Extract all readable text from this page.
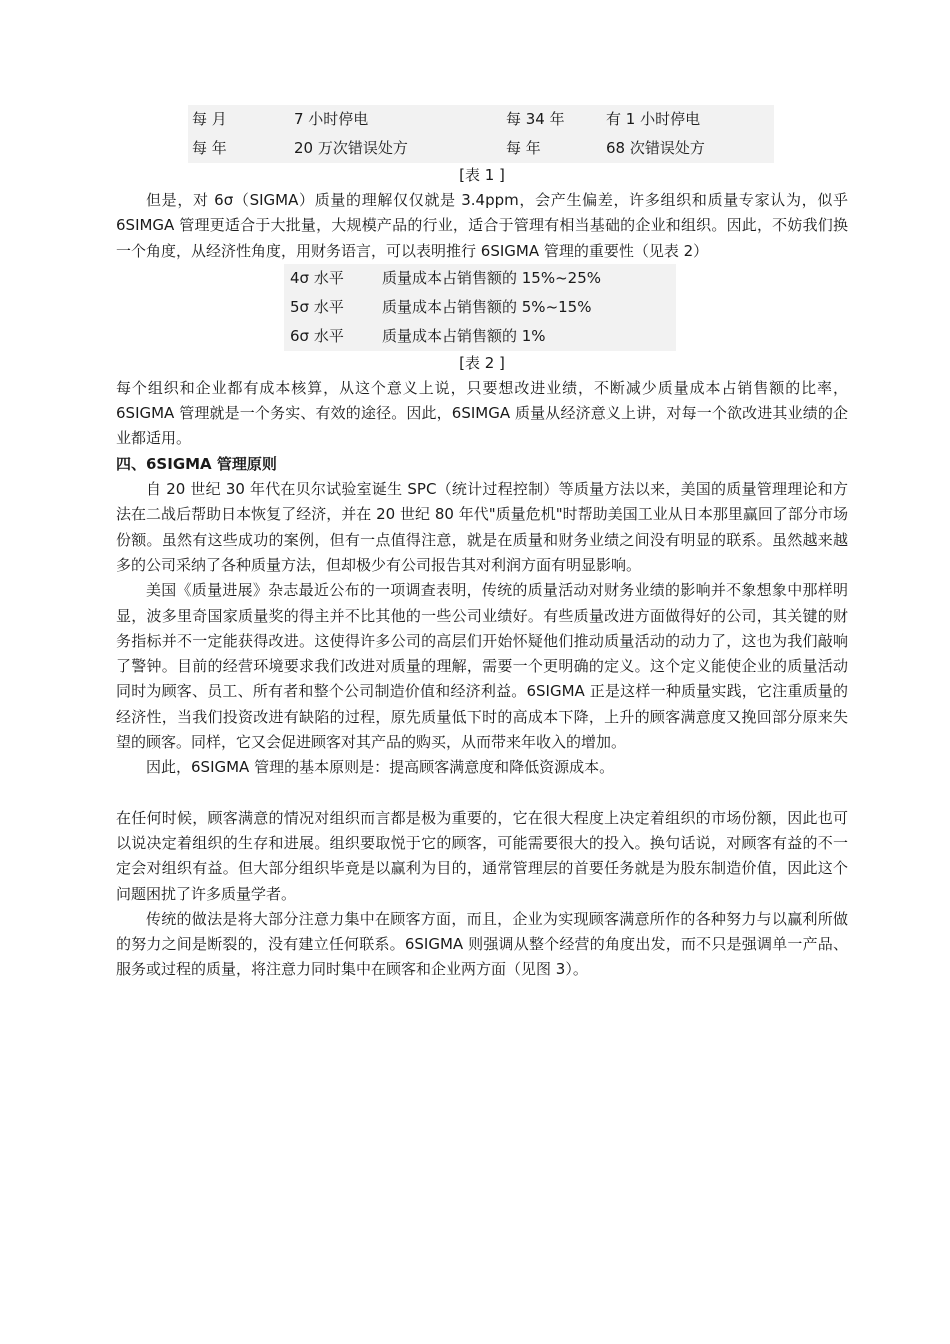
每 月	7 小时停电	每 34 年	有 1 小时停电
每 年	20 万次错误处方	每 年	68 次错误处方
[表 1 ]

但是，对 6σ（SIGMA）质量的理解仅仅就是 3.4ppm，会产生偏差，许多组织和质量专家认为，似乎 6SIMGA 管理更适合于大批量，大规模产品的行业，适合于管理有相当基础的企业和组织。因此，不妨我们换一个角度，从经济性角度，用财务语言，可以表明推行 6SIGMA 管理的重要性（见表 2）

4σ 水平	质量成本占销售额的 15%~25%
5σ 水平	质量成本占销售额的 5%~15%
6σ 水平	质量成本占销售额的 1%
[表 2 ]

每个组织和企业都有成本核算，从这个意义上说，只要想改进业绩，不断减少质量成本占销售额的比率，6SIGMA 管理就是一个务实、有效的途径。因此，6SIMGA 质量从经济意义上讲，对每一个欲改进其业绩的企业都适用。

四、6SIGMA 管理原则

自 20 世纪 30 年代在贝尔试验室诞生 SPC（统计过程控制）等质量方法以来，美国的质量管理理论和方法在二战后帮助日本恢复了经济，并在 20 世纪 80 年代"质量危机"时帮助美国工业从日本那里赢回了部分市场份额。虽然有这些成功的案例，但有一点值得注意，就是在质量和财务业绩之间没有明显的联系。虽然越来越多的公司采纳了各种质量方法，但却极少有公司报告其对利润方面有明显影响。

美国《质量进展》杂志最近公布的一项调查表明，传统的质量活动对财务业绩的影响并不象想象中那样明显，波多里奇国家质量奖的得主并不比其他的一些公司业绩好。有些质量改进方面做得好的公司，其关键的财务指标并不一定能获得改进。这使得许多公司的高层们开始怀疑他们推动质量活动的动力了，这也为我们敲响了警钟。目前的经营环境要求我们改进对质量的理解，需要一个更明确的定义。这个定义能使企业的质量活动同时为顾客、员工、所有者和整个公司制造价值和经济利益。6SIGMA 正是这样一种质量实践，它注重质量的经济性，当我们投资改进有缺陷的过程，原先质量低下时的高成本下降，上升的顾客满意度又挽回部分原来失望的顾客。同样，它又会促进顾客对其产品的购买，从而带来年收入的增加。

因此，6SIGMA 管理的基本原则是：提高顾客满意度和降低资源成本。

在任何时候，顾客满意的情况对组织而言都是极为重要的，它在很大程度上决定着组织的市场份额，因此也可以说决定着组织的生存和进展。组织要取悦于它的顾客，可能需要很大的投入。换句话说，对顾客有益的不一定会对组织有益。但大部分组织毕竟是以赢利为目的，通常管理层的首要任务就是为股东制造价值，因此这个问题困扰了许多质量学者。

传统的做法是将大部分注意力集中在顾客方面，而且，企业为实现顾客满意所作的各种努力与以赢利所做的努力之间是断裂的，没有建立任何联系。6SIGMA 则强调从整个经营的角度出发，而不只是强调单一产品、服务或过程的质量，将注意力同时集中在顾客和企业两方面（见图 3）。
